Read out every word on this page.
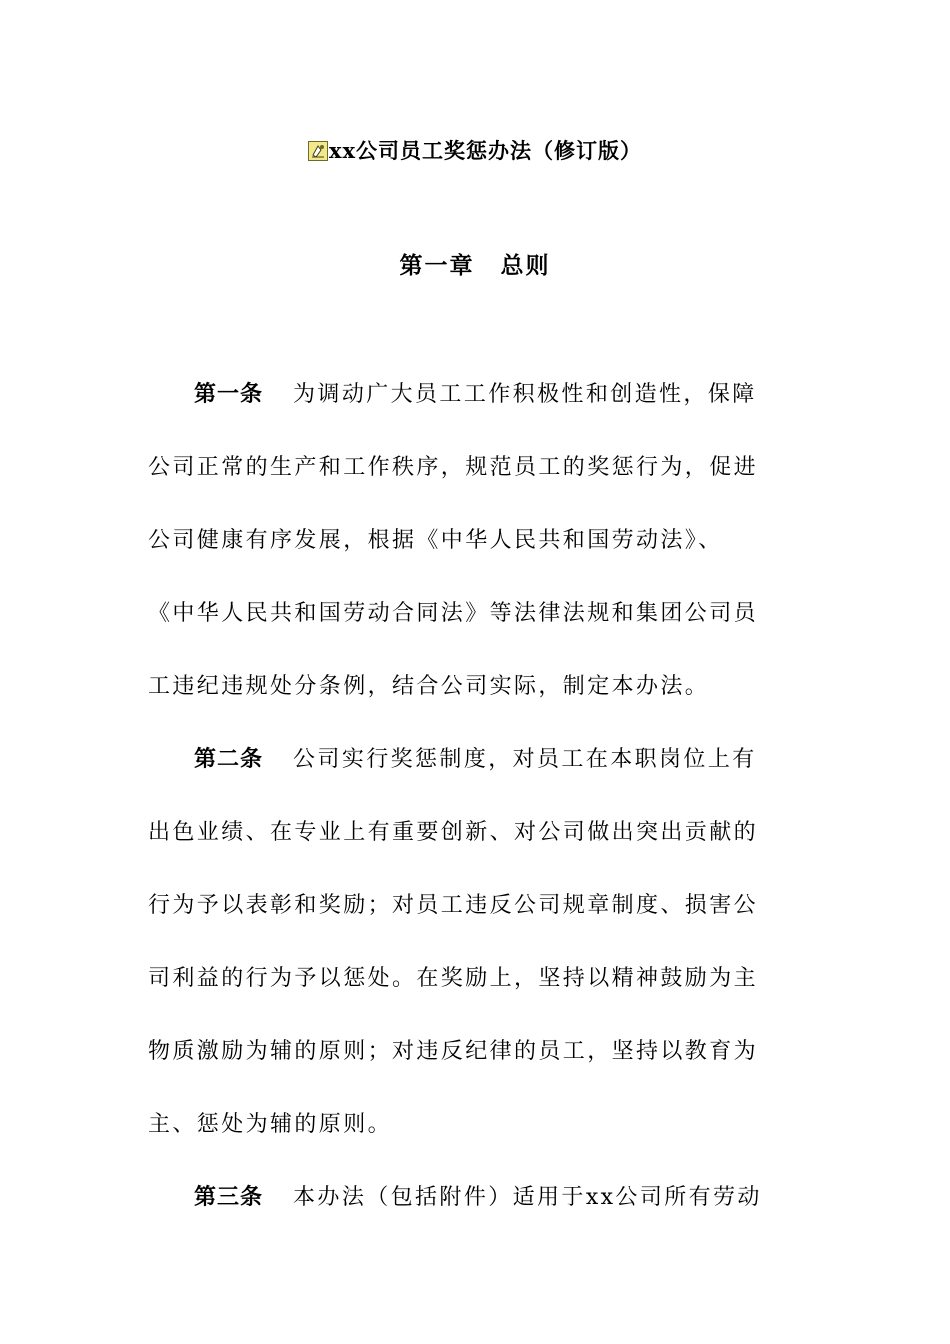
xx公司员工奖惩办法（修订版）
第一章 总则
第一条 为调动广大员工工作积极性和创造性，保障
公司正常的生产和工作秩序，规范员工的奖惩行为，促进
公司健康有序发展，根据《中华人民共和国劳动法》、
《中华人民共和国劳动合同法》等法律法规和集团公司员
工违纪违规处分条例，结合公司实际，制定本办法。
第二条 公司实行奖惩制度，对员工在本职岗位上有
出色业绩、在专业上有重要创新、对公司做出突出贡献的
行为予以表彰和奖励；对员工违反公司规章制度、损害公
司利益的行为予以惩处。在奖励上，坚持以精神鼓励为主
物质激励为辅的原则；对违反纪律的员工，坚持以教育为
主、惩处为辅的原则。
第三条 本办法（包括附件）适用于xx公司所有劳动
